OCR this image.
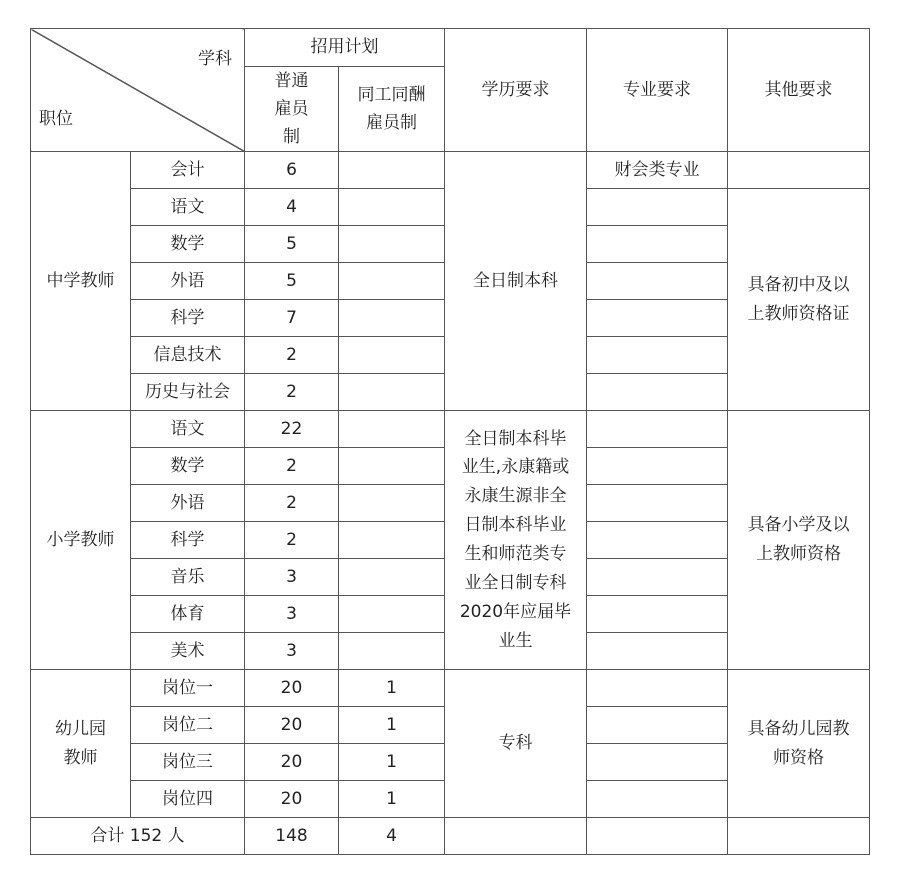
学科
职位		招用计划		学历要求	专业要求	其他要求
		普通雇员制	同工同酬雇员制			
中学教师	会计	6		全日制本科	财会类专业	
	语文	4				具备初中及以上教师资格证
	数学	5				
	外语	5				
	科学	7				
	信息技术	2				
	历史与社会	2				
小学教师	语文	22		全日制本科毕业生,永康籍或永康生源非全日制本科毕业生和师范类专业全日制专科2020年应届毕业生		具备小学及以上教师资格
	数学	2				
	外语	2				
	科学	2				
	音乐	3				
	体育	3				
	美术	3				
幼儿园教师	岗位一	20	1	专科		具备幼儿园教师资格
	岗位二	20	1			
	岗位三	20	1			
	岗位四	20	1			
合计 152 人		148	4			
